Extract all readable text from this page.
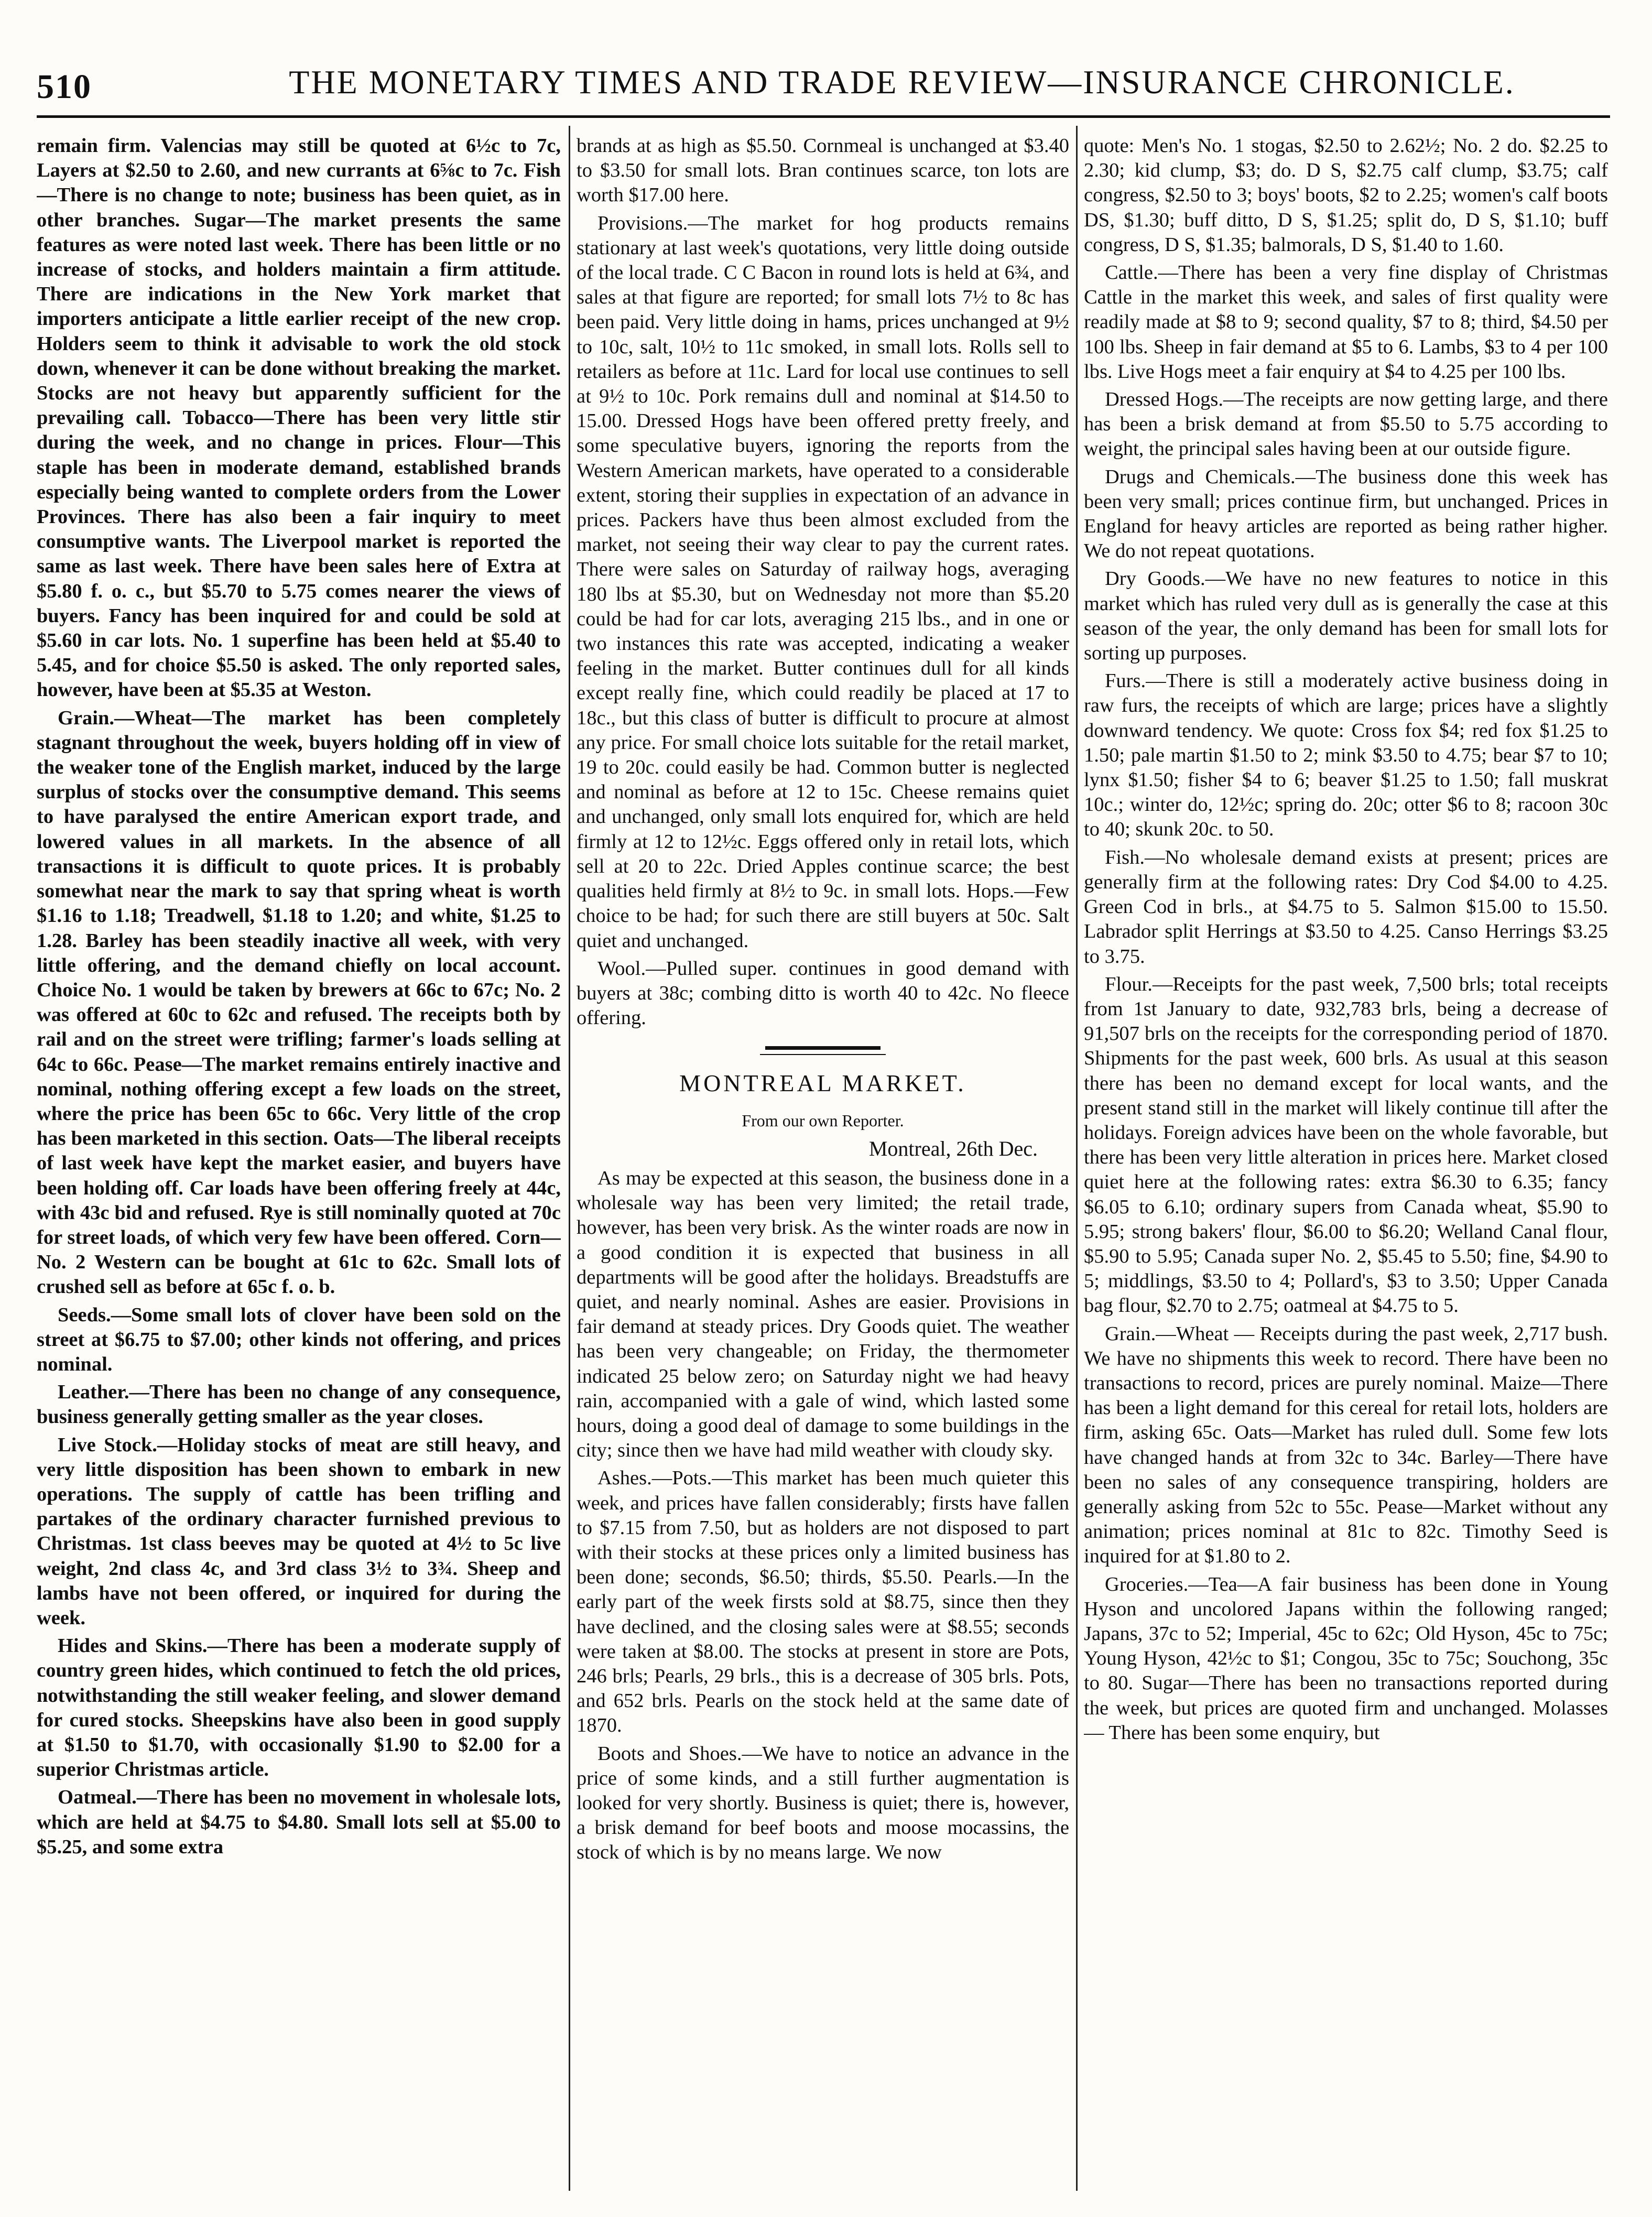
510	THE MONETARY TIMES AND TRADE REVIEW—INSURANCE CHRONICLE.

remain firm. Valencias may still be quoted at 6½c to 7c, Layers at $2.50 to 2.60, and new currants at 6⅝c to 7c. Fish—There is no change to note; business has been quiet, as in other branches. Sugar—The market presents the same features as were noted last week. There has been little or no increase of stocks, and holders maintain a firm attitude. There are indications in the New York market that importers anticipate a little earlier receipt of the new crop. Holders seem to think it advisable to work the old stock down, whenever it can be done without breaking the market. Stocks are not heavy but apparently sufficient for the prevailing call. Tobacco—There has been very little stir during the week, and no change in prices. Flour—This staple has been in moderate demand, established brands especially being wanted to complete orders from the Lower Provinces. There has also been a fair inquiry to meet consumptive wants. The Liverpool market is reported the same as last week. There have been sales here of Extra at $5.80 f. o. c., but $5.70 to 5.75 comes nearer the views of buyers. Fancy has been inquired for and could be sold at $5.60 in car lots. No. 1 superfine has been held at $5.40 to 5.45, and for choice $5.50 is asked. The only reported sales, however, have been at $5.35 at Weston.

Grain.—Wheat—The market has been completely stagnant throughout the week, buyers holding off in view of the weaker tone of the English market, induced by the large surplus of stocks over the consumptive demand. This seems to have paralysed the entire American export trade, and lowered values in all markets. In the absence of all transactions it is difficult to quote prices. It is probably somewhat near the mark to say that spring wheat is worth $1.16 to 1.18; Treadwell, $1.18 to 1.20; and white, $1.25 to 1.28. Barley has been steadily inactive all week, with very little offering, and the demand chiefly on local account. Choice No. 1 would be taken by brewers at 66c to 67c; No. 2 was offered at 60c to 62c and refused. The receipts both by rail and on the street were trifling; farmer's loads selling at 64c to 66c. Pease—The market remains entirely inactive and nominal, nothing offering except a few loads on the street, where the price has been 65c to 66c. Very little of the crop has been marketed in this section. Oats—The liberal receipts of last week have kept the market easier, and buyers have been holding off. Car loads have been offering freely at 44c, with 43c bid and refused. Rye is still nominally quoted at 70c for street loads, of which very few have been offered. Corn—No. 2 Western can be bought at 61c to 62c. Small lots of crushed sell as before at 65c f. o. b.

Seeds.—Some small lots of clover have been sold on the street at $6.75 to $7.00; other kinds not offering, and prices nominal.

Leather.—There has been no change of any consequence, business generally getting smaller as the year closes.

Live Stock.—Holiday stocks of meat are still heavy, and very little disposition has been shown to embark in new operations. The supply of cattle has been trifling and partakes of the ordinary character furnished previous to Christmas. 1st class beeves may be quoted at 4½ to 5c live weight, 2nd class 4c, and 3rd class 3½ to 3¾. Sheep and lambs have not been offered, or inquired for during the week.

Hides and Skins.—There has been a moderate supply of country green hides, which continued to fetch the old prices, notwithstanding the still weaker feeling, and slower demand for cured stocks. Sheepskins have also been in good supply at $1.50 to $1.70, with occasionally $1.90 to $2.00 for a superior Christmas article.

Oatmeal.—There has been no movement in wholesale lots, which are held at $4.75 to $4.80. Small lots sell at $5.00 to $5.25, and some extra

brands at as high as $5.50. Cornmeal is unchanged at $3.40 to $3.50 for small lots. Bran continues scarce, ton lots are worth $17.00 here.

Provisions.—The market for hog products remains stationary at last week's quotations, very little doing outside of the local trade. C C Bacon in round lots is held at 6¾, and sales at that figure are reported; for small lots 7½ to 8c has been paid. Very little doing in hams, prices unchanged at 9½ to 10c, salt, 10½ to 11c smoked, in small lots. Rolls sell to retailers as before at 11c. Lard for local use continues to sell at 9½ to 10c. Pork remains dull and nominal at $14.50 to 15.00. Dressed Hogs have been offered pretty freely, and some speculative buyers, ignoring the reports from the Western American markets, have operated to a considerable extent, storing their supplies in expectation of an advance in prices. Packers have thus been almost excluded from the market, not seeing their way clear to pay the current rates. There were sales on Saturday of railway hogs, averaging 180 lbs at $5.30, but on Wednesday not more than $5.20 could be had for car lots, averaging 215 lbs., and in one or two instances this rate was accepted, indicating a weaker feeling in the market. Butter continues dull for all kinds except really fine, which could readily be placed at 17 to 18c., but this class of butter is difficult to procure at almost any price. For small choice lots suitable for the retail market, 19 to 20c. could easily be had. Common butter is neglected and nominal as before at 12 to 15c. Cheese remains quiet and unchanged, only small lots enquired for, which are held firmly at 12 to 12½c. Eggs offered only in retail lots, which sell at 20 to 22c. Dried Apples continue scarce; the best qualities held firmly at 8½ to 9c. in small lots. Hops.—Few choice to be had; for such there are still buyers at 50c. Salt quiet and unchanged.

Wool.—Pulled super. continues in good demand with buyers at 38c; combing ditto is worth 40 to 42c. No fleece offering.

MONTREAL MARKET.
From our own Reporter.
Montreal, 26th Dec.

As may be expected at this season, the business done in a wholesale way has been very limited; the retail trade, however, has been very brisk. As the winter roads are now in a good condition it is expected that business in all departments will be good after the holidays. Breadstuffs are quiet, and nearly nominal. Ashes are easier. Provisions in fair demand at steady prices. Dry Goods quiet. The weather has been very changeable; on Friday, the thermometer indicated 25 below zero; on Saturday night we had heavy rain, accompanied with a gale of wind, which lasted some hours, doing a good deal of damage to some buildings in the city; since then we have had mild weather with cloudy sky.

Ashes.—Pots.—This market has been much quieter this week, and prices have fallen considerably; firsts have fallen to $7.15 from 7.50, but as holders are not disposed to part with their stocks at these prices only a limited business has been done; seconds, $6.50; thirds, $5.50. Pearls.—In the early part of the week firsts sold at $8.75, since then they have declined, and the closing sales were at $8.55; seconds were taken at $8.00. The stocks at present in store are Pots, 246 brls; Pearls, 29 brls., this is a decrease of 305 brls. Pots, and 652 brls. Pearls on the stock held at the same date of 1870.

Boots and Shoes.—We have to notice an advance in the price of some kinds, and a still further augmentation is looked for very shortly. Business is quiet; there is, however, a brisk demand for beef boots and moose mocassins, the stock of which is by no means large. We now

quote: Men's No. 1 stogas, $2.50 to 2.62½; No. 2 do. $2.25 to 2.30; kid clump, $3; do. D S, $2.75 calf clump, $3.75; calf congress, $2.50 to 3; boys' boots, $2 to 2.25; women's calf boots DS, $1.30; buff ditto, D S, $1.25; split do, D S, $1.10; buff congress, D S, $1.35; balmorals, D S, $1.40 to 1.60.

Cattle.—There has been a very fine display of Christmas Cattle in the market this week, and sales of first quality were readily made at $8 to 9; second quality, $7 to 8; third, $4.50 per 100 lbs. Sheep in fair demand at $5 to 6. Lambs, $3 to 4 per 100 lbs. Live Hogs meet a fair enquiry at $4 to 4.25 per 100 lbs.

Dressed Hogs.—The receipts are now getting large, and there has been a brisk demand at from $5.50 to 5.75 according to weight, the principal sales having been at our outside figure.

Drugs and Chemicals.—The business done this week has been very small; prices continue firm, but unchanged. Prices in England for heavy articles are reported as being rather higher. We do not repeat quotations.

Dry Goods.—We have no new features to notice in this market which has ruled very dull as is generally the case at this season of the year, the only demand has been for small lots for sorting up purposes.

Furs.—There is still a moderately active business doing in raw furs, the receipts of which are large; prices have a slightly downward tendency. We quote: Cross fox $4; red fox $1.25 to 1.50; pale martin $1.50 to 2; mink $3.50 to 4.75; bear $7 to 10; lynx $1.50; fisher $4 to 6; beaver $1.25 to 1.50; fall muskrat 10c.; winter do, 12½c; spring do. 20c; otter $6 to 8; racoon 30c to 40; skunk 20c. to 50.

Fish.—No wholesale demand exists at present; prices are generally firm at the following rates: Dry Cod $4.00 to 4.25. Green Cod in brls., at $4.75 to 5. Salmon $15.00 to 15.50. Labrador split Herrings at $3.50 to 4.25. Canso Herrings $3.25 to 3.75.

Flour.—Receipts for the past week, 7,500 brls; total receipts from 1st January to date, 932,783 brls, being a decrease of 91,507 brls on the receipts for the corresponding period of 1870. Shipments for the past week, 600 brls. As usual at this season there has been no demand except for local wants, and the present stand still in the market will likely continue till after the holidays. Foreign advices have been on the whole favorable, but there has been very little alteration in prices here. Market closed quiet here at the following rates: extra $6.30 to 6.35; fancy $6.05 to 6.10; ordinary supers from Canada wheat, $5.90 to 5.95; strong bakers' flour, $6.00 to $6.20; Welland Canal flour, $5.90 to 5.95; Canada super No. 2, $5.45 to 5.50; fine, $4.90 to 5; middlings, $3.50 to 4; Pollard's, $3 to 3.50; Upper Canada bag flour, $2.70 to 2.75; oatmeal at $4.75 to 5.

Grain.—Wheat — Receipts during the past week, 2,717 bush. We have no shipments this week to record. There have been no transactions to record, prices are purely nominal. Maize—There has been a light demand for this cereal for retail lots, holders are firm, asking 65c. Oats—Market has ruled dull. Some few lots have changed hands at from 32c to 34c. Barley—There have been no sales of any consequence transpiring, holders are generally asking from 52c to 55c. Pease—Market without any animation; prices nominal at 81c to 82c. Timothy Seed is inquired for at $1.80 to 2.

Groceries.—Tea—A fair business has been done in Young Hyson and uncolored Japans within the following ranged; Japans, 37c to 52; Imperial, 45c to 62c; Old Hyson, 45c to 75c; Young Hyson, 42½c to $1; Congou, 35c to 75c; Souchong, 35c to 80. Sugar—There has been no transactions reported during the week, but prices are quoted firm and unchanged. Molasses — There has been some enquiry, but
